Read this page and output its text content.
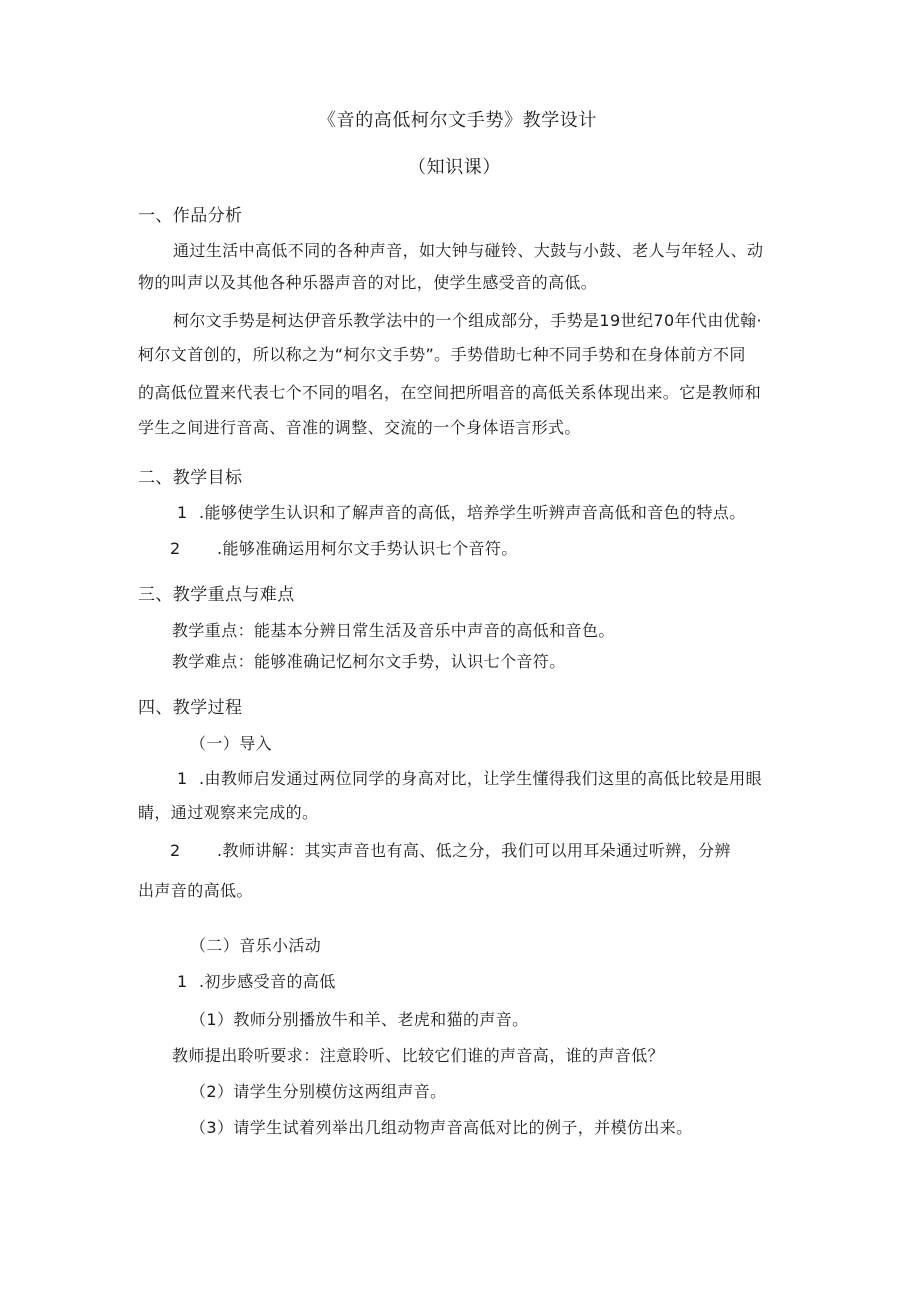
《音的高低柯尔文手势》教学设计
（知识课）
一、作品分析
通过生活中高低不同的各种声音，如大钟与碰铃、大鼓与小鼓、老人与年轻人、动
物的叫声以及其他各种乐器声音的对比，使学生感受音的高低。
柯尔文手势是柯达伊音乐教学法中的一个组成部分，手势是19世纪70年代由优翰·
柯尔文首创的，所以称之为“柯尔文手势”。手势借助七种不同手势和在身体前方不同
的高低位置来代表七个不同的唱名，在空间把所唱音的高低关系体现出来。它是教师和
学生之间进行音高、音准的调整、交流的一个身体语言形式。
二、教学目标
1 .能够使学生认识和了解声音的高低，培养学生听辨声音高低和音色的特点。
2 .能够准确运用柯尔文手势认识七个音符。
三、教学重点与难点
教学重点：能基本分辨日常生活及音乐中声音的高低和音色。
教学难点：能够准确记忆柯尔文手势，认识七个音符。
四、教学过程
（一）导入
1 .由教师启发通过两位同学的身高对比，让学生懂得我们这里的高低比较是用眼
睛，通过观察来完成的。
2 .教师讲解：其实声音也有高、低之分，我们可以用耳朵通过听辨，分辨
出声音的高低。
（二）音乐小活动
1 .初步感受音的高低
（1）教师分别播放牛和羊、老虎和猫的声音。
教师提出聆听要求：注意聆听、比较它们谁的声音高，谁的声音低？
（2）请学生分别模仿这两组声音。
（3）请学生试着列举出几组动物声音高低对比的例子，并模仿出来。
